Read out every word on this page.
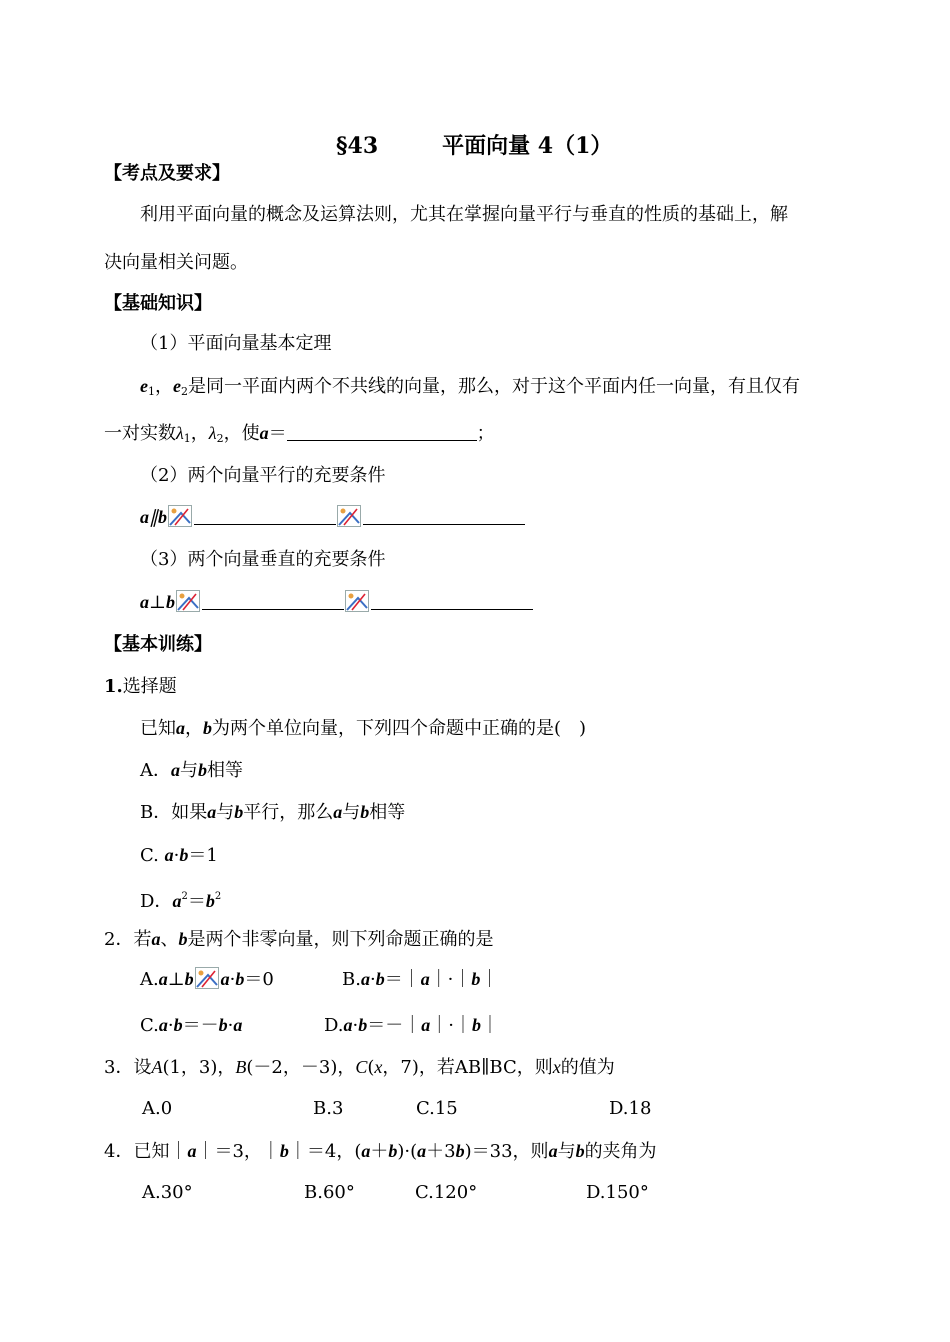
§43	平面向量 4（1）
【考点及要求】
利用平面向量的概念及运算法则，尤其在掌握向量平行与垂直的性质的基础上，解
决向量相关问题。
【基础知识】
（1）平面向量基本定理
$e_1$，$e_2$是同一平面内两个不共线的向量，那么，对于这个平面内任一向量，有且仅有
一对实数$\lambda_1$，$\lambda_2$，使a＝	；
（2）两个向量平行的充要条件
a∥b
（3）两个向量垂直的充要条件
a⊥b
【基本训练】
1.选择题
已知a，b为两个单位向量，下列四个命题中正确的是(　)
A．a与b相等
B．如果a与b平行，那么a与b相等
C. a·b＝1
D．$a^2=b^2$
2．若a、b是两个非零向量，则下列命题正确的是
A.a⊥b a·b＝0	B.a·b＝｜a｜·｜b｜
C.a·b＝－b·a	D.a·b＝－｜a｜·｜b｜
3．设A(1，3)，B(－2，－3)，C(x，7)，若AB∥BC，则x的值为
A.0	B.3	C.15	D.18
4．已知｜a｜＝3，｜b｜＝4，(a＋b)·(a＋3b)＝33，则a与b的夹角为
A.30°	B.60°	C.120°	D.150°
